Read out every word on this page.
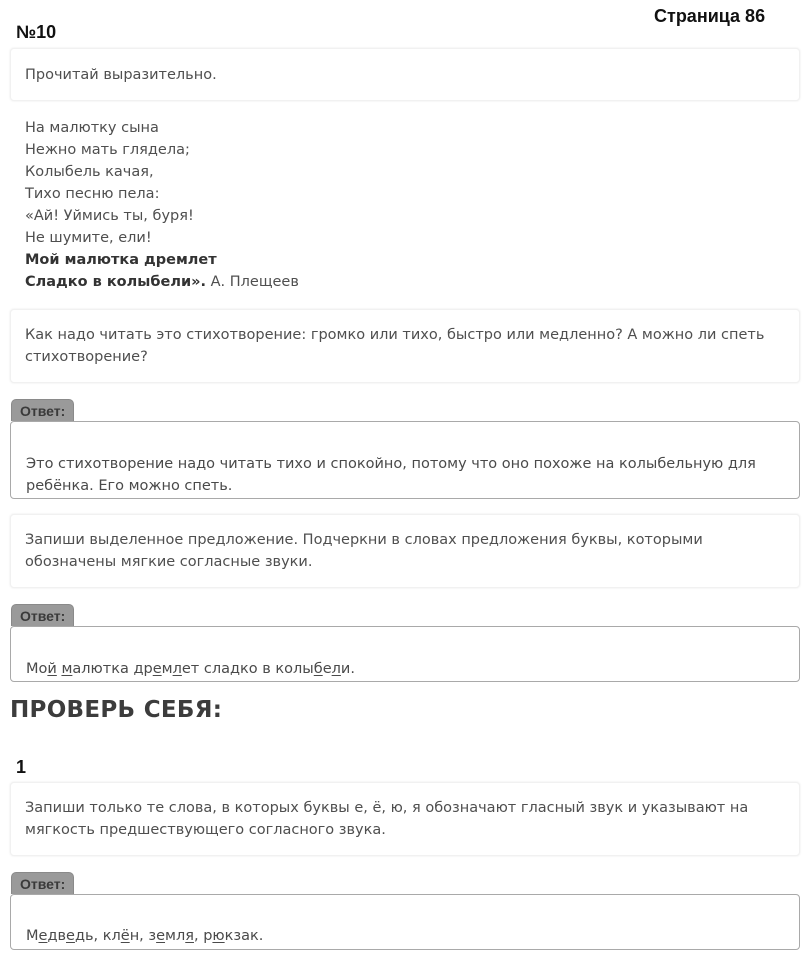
Страница 86
№10

Прочитай выразительно.

На малютку сына
Нежно мать глядела;
Колыбель качая,
Тихо песню пела:
«Ай! Уймись ты, буря!
Не шумите, ели!
Мой малютка дремлет
Сладко в колыбели». А. Плещеев

Как надо читать это стихотворение: громко или тихо, быстро или медленно? А можно ли спеть стихотворение?

Ответ:

Это стихотворение надо читать тихо и спокойно, потому что оно похоже на колыбельную для ребёнка. Его можно спеть.

Запиши выделенное предложение. Подчеркни в словах предложения буквы, которыми обозначены мягкие согласные звуки.

Ответ:

Мой малютка дремлет сладко в колыбели.

ПРОВЕРЬ СЕБЯ:
1

Запиши только те слова, в которых буквы е, ё, ю, я обозначают гласный звук и указывают на мягкость предшествующего согласного звука.

Ответ:

Медведь, клён, земля, рюкзак.
